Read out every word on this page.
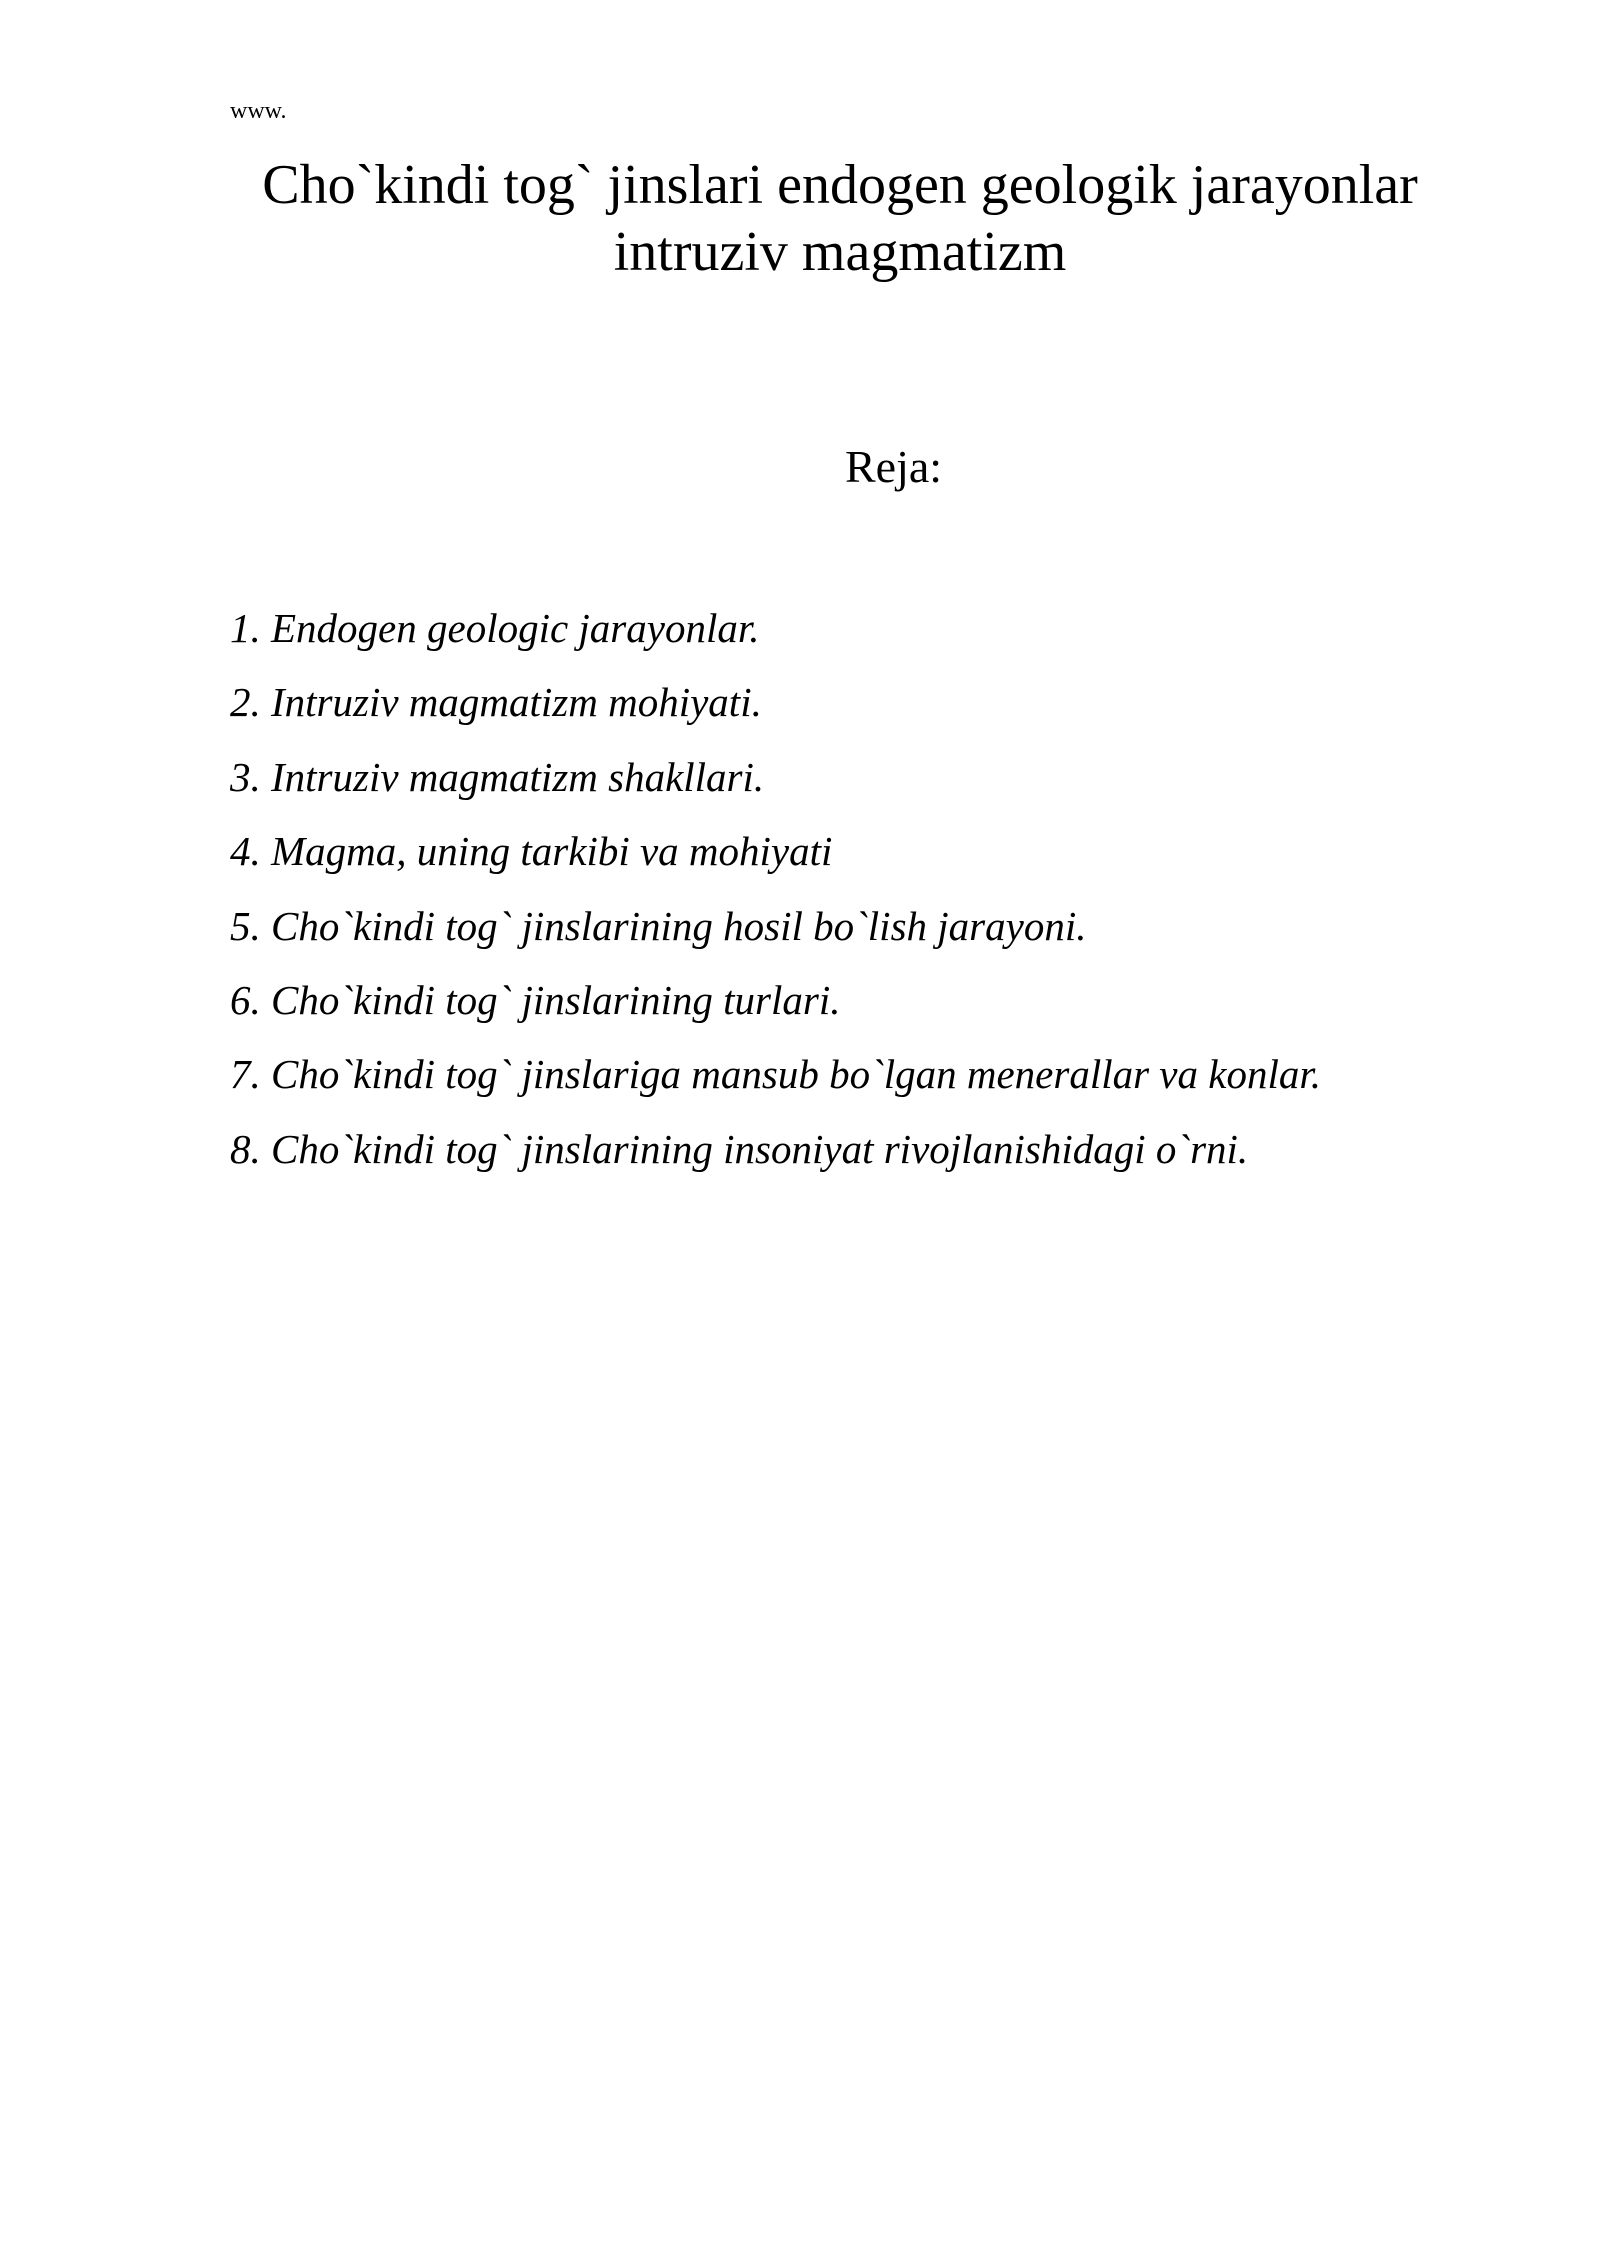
www.
Cho`kindi tog` jinslari endogen geologik jarayonlar
intruziv magmatizm
Reja:
1. Endogen geologic jarayonlar.
2. Intruziv magmatizm mohiyati.
3. Intruziv magmatizm shakllari.
4. Magma, uning tarkibi va mohiyati
5. Cho`kindi tog` jinslarining hosil bo`lish jarayoni.
6. Cho`kindi tog` jinslarining turlari.
7. Cho`kindi tog` jinslariga mansub bo`lgan menerallar va konlar.
8. Cho`kindi tog` jinslarining insoniyat rivojlanishidagi o`rni.
